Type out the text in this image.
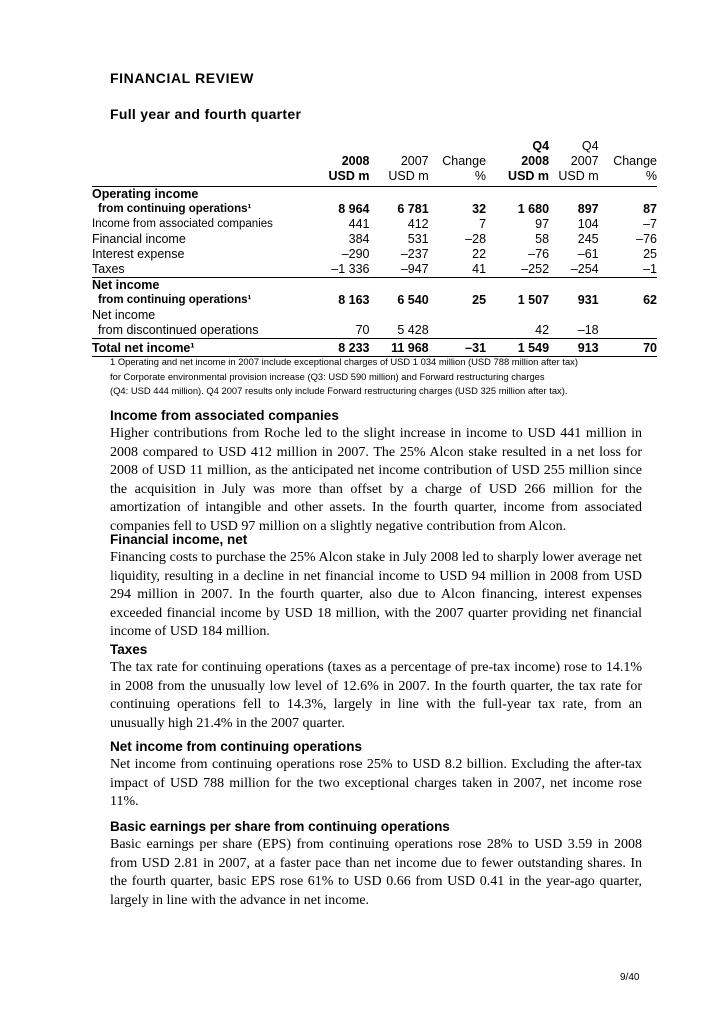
FINANCIAL REVIEW
Full year and fourth quarter
				Q4	Q4	
	2008	2007	Change	2008	2007	Change
	USD m	USD m	%	USD m	USD m	%
Operating income						
from continuing operations¹	8 964	6 781	32	1 680	897	87
Income from associated companies	441	412	7	97	104	–7
Financial income	384	531	–28	58	245	–76
Interest expense	–290	–237	22	–76	–61	25
Taxes	–1 336	–947	41	–252	–254	–1
Net income						
from continuing operations¹	8 163	6 540	25	1 507	931	62
Net income						
from discontinued operations	70	5 428		42	–18	
Total net income¹	8 233	11 968	–31	1 549	913	70
1 Operating and net income in 2007 include exceptional charges of USD 1 034 million (USD 788 million after tax)
for Corporate environmental provision increase (Q3: USD 590 million) and Forward restructuring charges
(Q4: USD 444 million). Q4 2007 results only include Forward restructuring charges (USD 325 million after tax).
Income from associated companies

Higher contributions from Roche led to the slight increase in income to USD 441 million in 2008 compared to USD 412 million in 2007. The 25% Alcon stake resulted in a net loss for 2008 of USD 11 million, as the anticipated net income contribution of USD 255 million since the acquisition in July was more than offset by a charge of USD 266 million for the amortization of intangible and other assets. In the fourth quarter, income from associated companies fell to USD 97 million on a slightly negative contribution from Alcon.

Financial income, net

Financing costs to purchase the 25% Alcon stake in July 2008 led to sharply lower average net liquidity, resulting in a decline in net financial income to USD 94 million in 2008 from USD 294 million in 2007. In the fourth quarter, also due to Alcon financing, interest expenses exceeded financial income by USD 18 million, with the 2007 quarter providing net financial income of USD 184 million.

Taxes

The tax rate for continuing operations (taxes as a percentage of pre-tax income) rose to 14.1% in 2008 from the unusually low level of 12.6% in 2007. In the fourth quarter, the tax rate for continuing operations fell to 14.3%, largely in line with the full-year tax rate, from an unusually high 21.4% in the 2007 quarter.

Net income from continuing operations

Net income from continuing operations rose 25% to USD 8.2 billion. Excluding the after-tax impact of USD 788 million for the two exceptional charges taken in 2007, net income rose 11%.

Basic earnings per share from continuing operations

Basic earnings per share (EPS) from continuing operations rose 28% to USD 3.59 in 2008 from USD 2.81 in 2007, at a faster pace than net income due to fewer outstanding shares. In the fourth quarter, basic EPS rose 61% to USD 0.66 from USD 0.41 in the year-ago quarter, largely in line with the advance in net income.

9/40
